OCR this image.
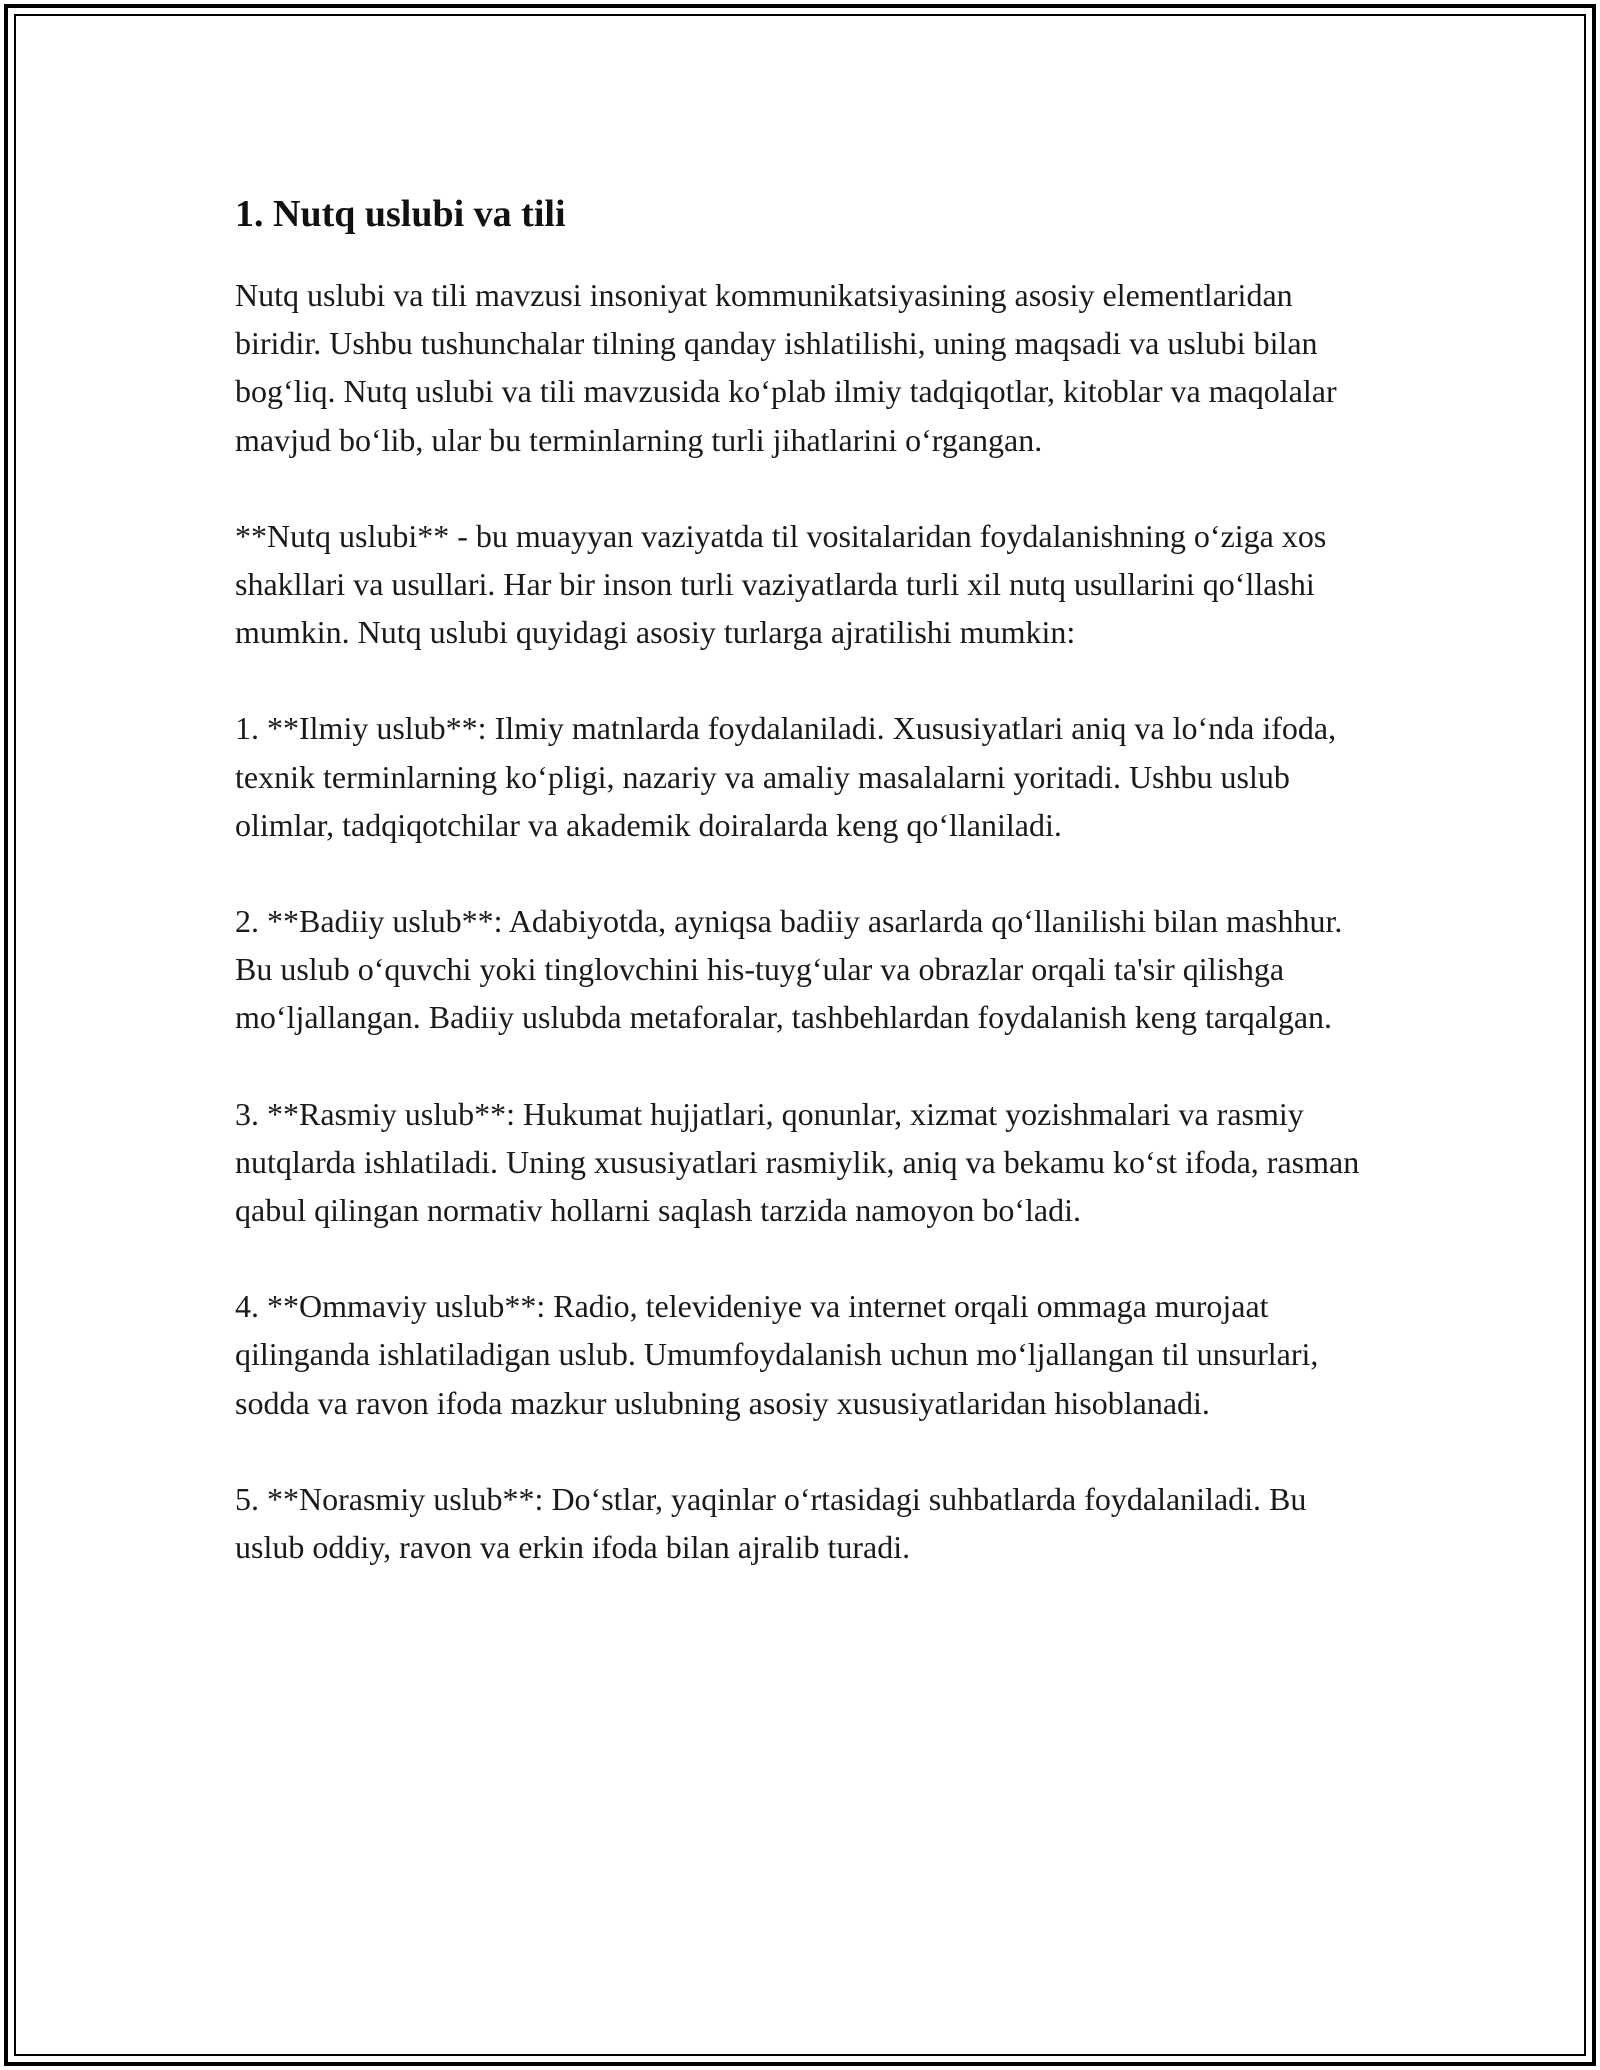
1. Nutq uslubi va tili

Nutq uslubi va tili mavzusi insoniyat kommunikatsiyasining asosiy elementlaridan biridir. Ushbu tushunchalar tilning qanday ishlatilishi, uning maqsadi va uslubi bilan bog‘liq. Nutq uslubi va tili mavzusida ko‘plab ilmiy tadqiqotlar, kitoblar va maqolalar mavjud bo‘lib, ular bu terminlarning turli jihatlarini o‘rgangan.

**Nutq uslubi** - bu muayyan vaziyatda til vositalaridan foydalanishning o‘ziga xos shakllari va usullari. Har bir inson turli vaziyatlarda turli xil nutq usullarini qo‘llashi mumkin. Nutq uslubi quyidagi asosiy turlarga ajratilishi mumkin:

1. **Ilmiy uslub**: Ilmiy matnlarda foydalaniladi. Xususiyatlari aniq va lo‘nda ifoda, texnik terminlarning ko‘pligi, nazariy va amaliy masalalarni yoritadi. Ushbu uslub olimlar, tadqiqotchilar va akademik doiralarda keng qo‘llaniladi.

2. **Badiiy uslub**: Adabiyotda, ayniqsa badiiy asarlarda qo‘llanilishi bilan mashhur. Bu uslub o‘quvchi yoki tinglovchini his-tuyg‘ular va obrazlar orqali ta'sir qilishga mo‘ljallangan. Badiiy uslubda metaforalar, tashbehlardan foydalanish keng tarqalgan.

3. **Rasmiy uslub**: Hukumat hujjatlari, qonunlar, xizmat yozishmalari va rasmiy nutqlarda ishlatiladi. Uning xususiyatlari rasmiylik, aniq va bekamu ko‘st ifoda, rasman qabul qilingan normativ hollarni saqlash tarzida namoyon bo‘ladi.

4. **Ommaviy uslub**: Radio, televideniye va internet orqali ommaga murojaat qilinganda ishlatiladigan uslub. Umumfoydalanish uchun mo‘ljallangan til unsurlari, sodda va ravon ifoda mazkur uslubning asosiy xususiyatlaridan hisoblanadi.

5. **Norasmiy uslub**: Do‘stlar, yaqinlar o‘rtasidagi suhbatlarda foydalaniladi. Bu uslub oddiy, ravon va erkin ifoda bilan ajralib turadi.
